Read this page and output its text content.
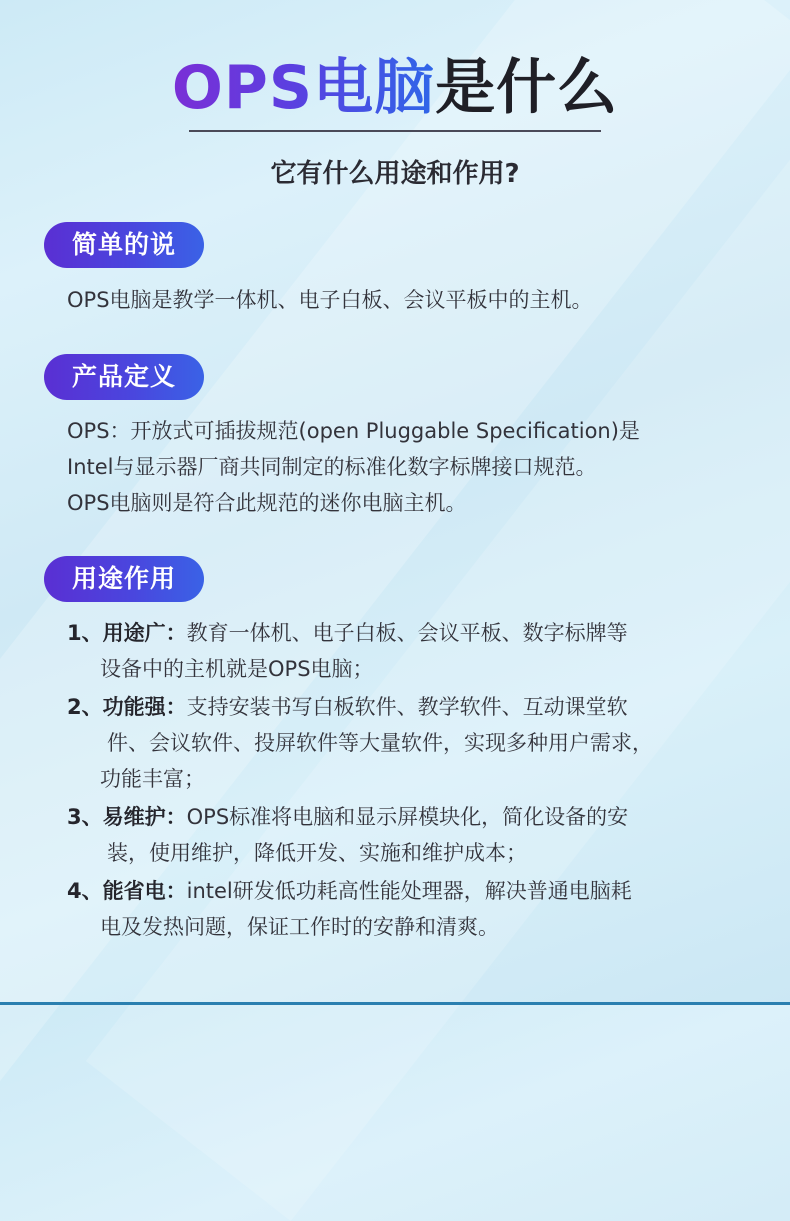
OPS电脑是什么
它有什么用途和作用?
简单的说
OPS电脑是教学一体机、电子白板、会议平板中的主机。
产品定义
OPS：开放式可插拔规范(open Pluggable Specification)是
Intel与显示器厂商共同制定的标准化数字标牌接口规范。
OPS电脑则是符合此规范的迷你电脑主机。
用途作用
1、用途广：教育一体机、电子白板、会议平板、数字标牌等
设备中的主机就是OPS电脑；
2、功能强：支持安装书写白板软件、教学软件、互动课堂软
件、会议软件、投屏软件等大量软件，实现多种用户需求，
功能丰富；
3、易维护：OPS标准将电脑和显示屏模块化，简化设备的安
装，使用维护，降低开发、实施和维护成本；
4、能省电：intel研发低功耗高性能处理器，解决普通电脑耗
电及发热问题，保证工作时的安静和清爽。
